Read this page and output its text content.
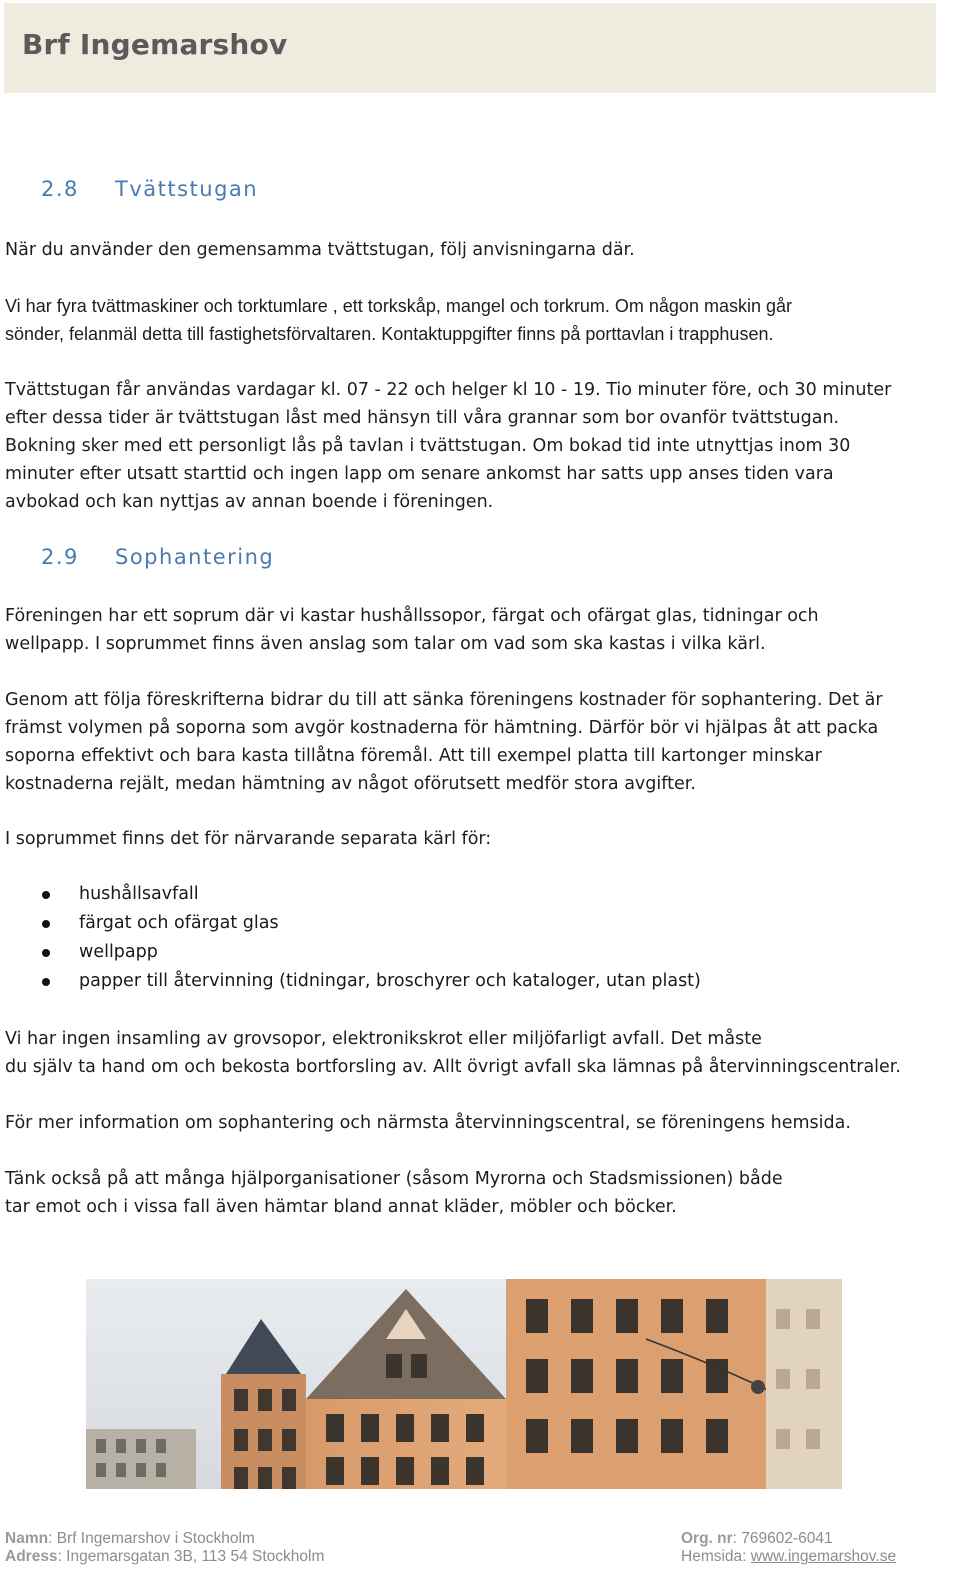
Brf Ingemarshov
2.8 Tvättstugan
När du använder den gemensamma tvättstugan, följ anvisningarna där.
Vi har fyra tvättmaskiner och torktumlare , ett torkskåp, mangel och torkrum. Om någon maskin går
sönder, felanmäl detta till fastighetsförvaltaren. Kontaktuppgifter finns på porttavlan i trapphusen.
Tvättstugan får användas vardagar kl. 07 - 22 och helger kl 10 - 19. Tio minuter före, och 30 minuter
efter dessa tider är tvättstugan låst med hänsyn till våra grannar som bor ovanför tvättstugan.
Bokning sker med ett personligt lås på tavlan i tvättstugan. Om bokad tid inte utnyttjas inom 30
minuter efter utsatt starttid och ingen lapp om senare ankomst har satts upp anses tiden vara
avbokad och kan nyttjas av annan boende i föreningen.
2.9 Sophantering
Föreningen har ett soprum där vi kastar hushållssopor, färgat och ofärgat glas, tidningar och
wellpapp. I soprummet finns även anslag som talar om vad som ska kastas i vilka kärl.
Genom att följa föreskrifterna bidrar du till att sänka föreningens kostnader för sophantering. Det är
främst volymen på soporna som avgör kostnaderna för hämtning. Därför bör vi hjälpas åt att packa
soporna effektivt och bara kasta tillåtna föremål. Att till exempel platta till kartonger minskar
kostnaderna rejält, medan hämtning av något oförutsett medför stora avgifter.
I soprummet finns det för närvarande separata kärl för:
hushållsavfall
färgat och ofärgat glas
wellpapp
papper till återvinning (tidningar, broschyrer och kataloger, utan plast)
Vi har ingen insamling av grovsopor, elektronikskrot eller miljöfarligt avfall. Det måste
du själv ta hand om och bekosta bortforsling av. Allt övrigt avfall ska lämnas på återvinningscentraler.
För mer information om sophantering och närmsta återvinningscentral, se föreningens hemsida.
Tänk också på att många hjälporganisationer (såsom Myrorna och Stadsmissionen) både
tar emot och i vissa fall även hämtar bland annat kläder, möbler och böcker.
Namn: Brf Ingemarshov i Stockholm
Adress: Ingemarsgatan 3B, 113 54 Stockholm
Org. nr: 769602-6041
Hemsida: www.ingemarshov.se
